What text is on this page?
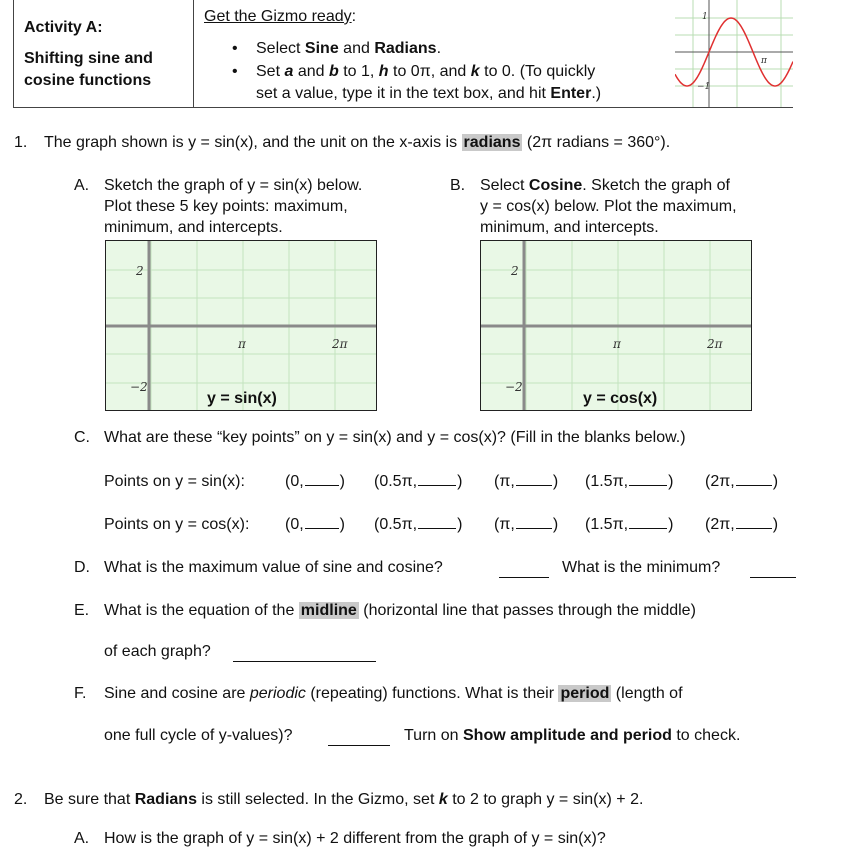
Activity A:
Shifting sine and
cosine functions
Get the Gizmo ready:
• Select Sine and Radians.
• Set a and b to 1, h to 0π, and k to 0. (To quickly
set a value, type it in the text box, and hit Enter.)
1
−1
π
1. The graph shown is y = sin(x), and the unit on the x-axis is radians (2π radians = 360°).
A. Sketch the graph of y = sin(x) below.
Plot these 5 key points: maximum,
minimum, and intercepts.
B. Select Cosine. Sketch the graph of
y = cos(x) below. Plot the maximum,
minimum, and intercepts.
2
−2
π	2π
y = sin(x)
2
−2
π	2π
y = cos(x)
C. What are these “key points” on y = sin(x) and y = cos(x)? (Fill in the blanks below.)
Points on y = sin(x):	(0, ) (0.5π,	) (π, ) (1.5π,	) (2π, )
Points on y = cos(x): (0, ) (0.5π,	) (π, ) (1.5π,	) (2π, )
D. What is the maximum value of sine and cosine?	What is the minimum?
E. What is the equation of the midline (horizontal line that passes through the middle)
of each graph?
F. Sine and cosine are periodic (repeating) functions. What is their period (length of
one full cycle of y-values)?	Turn on Show amplitude and period to check.
2. Be sure that Radians is still selected. In the Gizmo, set k to 2 to graph y = sin(x) + 2.
A. How is the graph of y = sin(x) + 2 different from the graph of y = sin(x)?
